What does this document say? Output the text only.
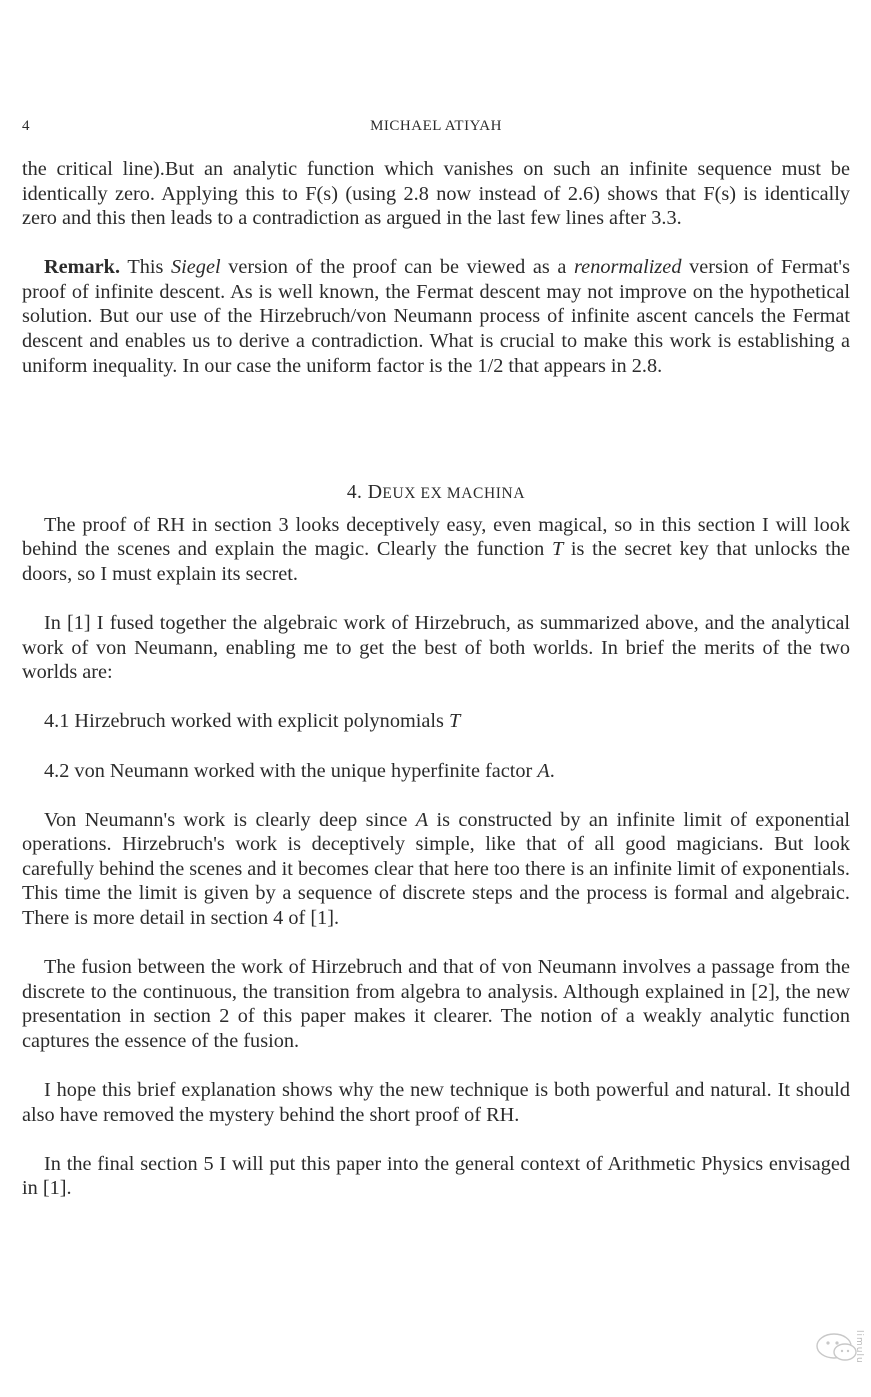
4	MICHAEL ATIYAH

the critical line).But an analytic function which vanishes on such an infinite sequence must be identically zero. Applying this to F(s) (using 2.8 now instead of 2.6) shows that F(s) is identically zero and this then leads to a contradiction as argued in the last few lines after 3.3.

Remark. This Siegel version of the proof can be viewed as a renormalized version of Fermat's proof of infinite descent. As is well known, the Fermat descent may not improve on the hypothetical solution. But our use of the Hirzebruch/von Neumann process of infinite ascent cancels the Fermat descent and enables us to derive a contradiction. What is crucial to make this work is establishing a uniform inequality. In our case the uniform factor is the 1/2 that appears in 2.8.

4. DEUX EX MACHINA

The proof of RH in section 3 looks deceptively easy, even magical, so in this section I will look behind the scenes and explain the magic. Clearly the function T is the secret key that unlocks the doors, so I must explain its secret.

In [1] I fused together the algebraic work of Hirzebruch, as summarized above, and the analytical work of von Neumann, enabling me to get the best of both worlds. In brief the merits of the two worlds are:

4.1 Hirzebruch worked with explicit polynomials T

4.2 von Neumann worked with the unique hyperfinite factor A.

Von Neumann's work is clearly deep since A is constructed by an infinite limit of exponential operations. Hirzebruch's work is deceptively simple, like that of all good magicians. But look carefully behind the scenes and it becomes clear that here too there is an infinite limit of exponentials. This time the limit is given by a sequence of discrete steps and the process is formal and algebraic. There is more detail in section 4 of [1].

The fusion between the work of Hirzebruch and that of von Neumann involves a passage from the discrete to the continuous, the transition from algebra to analysis. Although explained in [2], the new presentation in section 2 of this paper makes it clearer. The notion of a weakly analytic function captures the essence of the fusion.

I hope this brief explanation shows why the new technique is both powerful and natural. It should also have removed the mystery behind the short proof of RH.

In the final section 5 I will put this paper into the general context of Arithmetic Physics envisaged in [1].

limulu
